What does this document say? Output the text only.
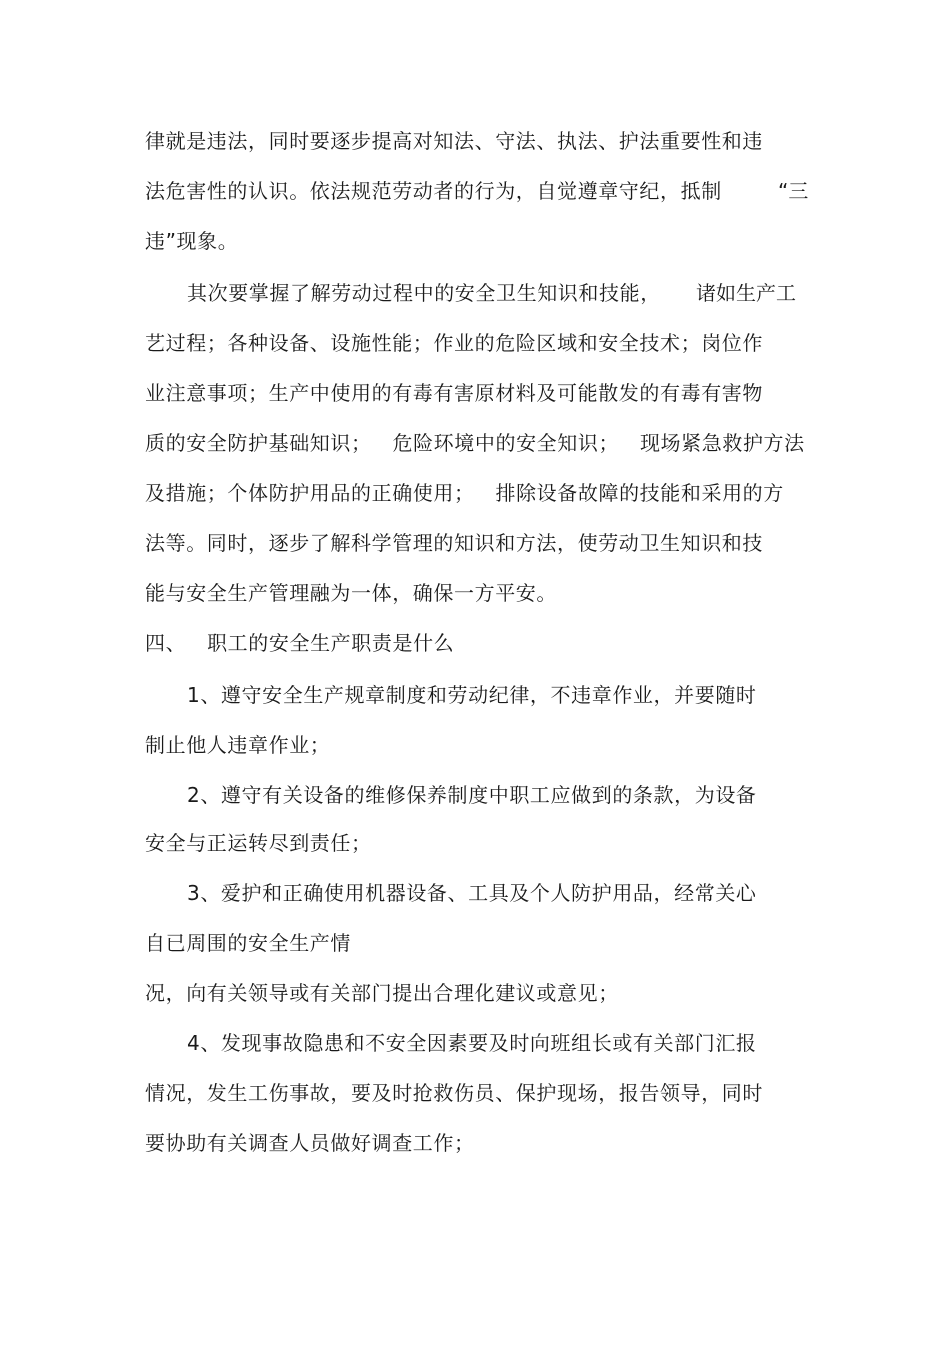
律就是违法，同时要逐步提高对知法、守法、执法、护法重要性和违
法危害性的认识。依法规范劳动者的行为，自觉遵章守纪，抵制	“三
违”现象。
其次要掌握了解劳动过程中的安全卫生知识和技能， 诸如生产工
艺过程；各种设备、设施性能；作业的危险区域和安全技术；岗位作
业注意事项；生产中使用的有毒有害原材料及可能散发的有毒有害物
质的安全防护基础知识；   危险环境中的安全知识；   现场紧急救护方法
及措施；个体防护用品的正确使用；   排除设备故障的技能和采用的方
法等。同时，逐步了解科学管理的知识和方法，使劳动卫生知识和技
能与安全生产管理融为一体，确保一方平安。
四、   职工的安全生产职责是什么
1、遵守安全生产规章制度和劳动纪律，不违章作业，并要随时
制止他人违章作业；
2、遵守有关设备的维修保养制度中职工应做到的条款，为设备
安全与正运转尽到责任；
3、爱护和正确使用机器设备、工具及个人防护用品，经常关心
自已周围的安全生产情
况，向有关领导或有关部门提出合理化建议或意见；
4、发现事故隐患和不安全因素要及时向班组长或有关部门汇报
情况，发生工伤事故，要及时抢救伤员、保护现场，报告领导，同时
要协助有关调查人员做好调查工作；
